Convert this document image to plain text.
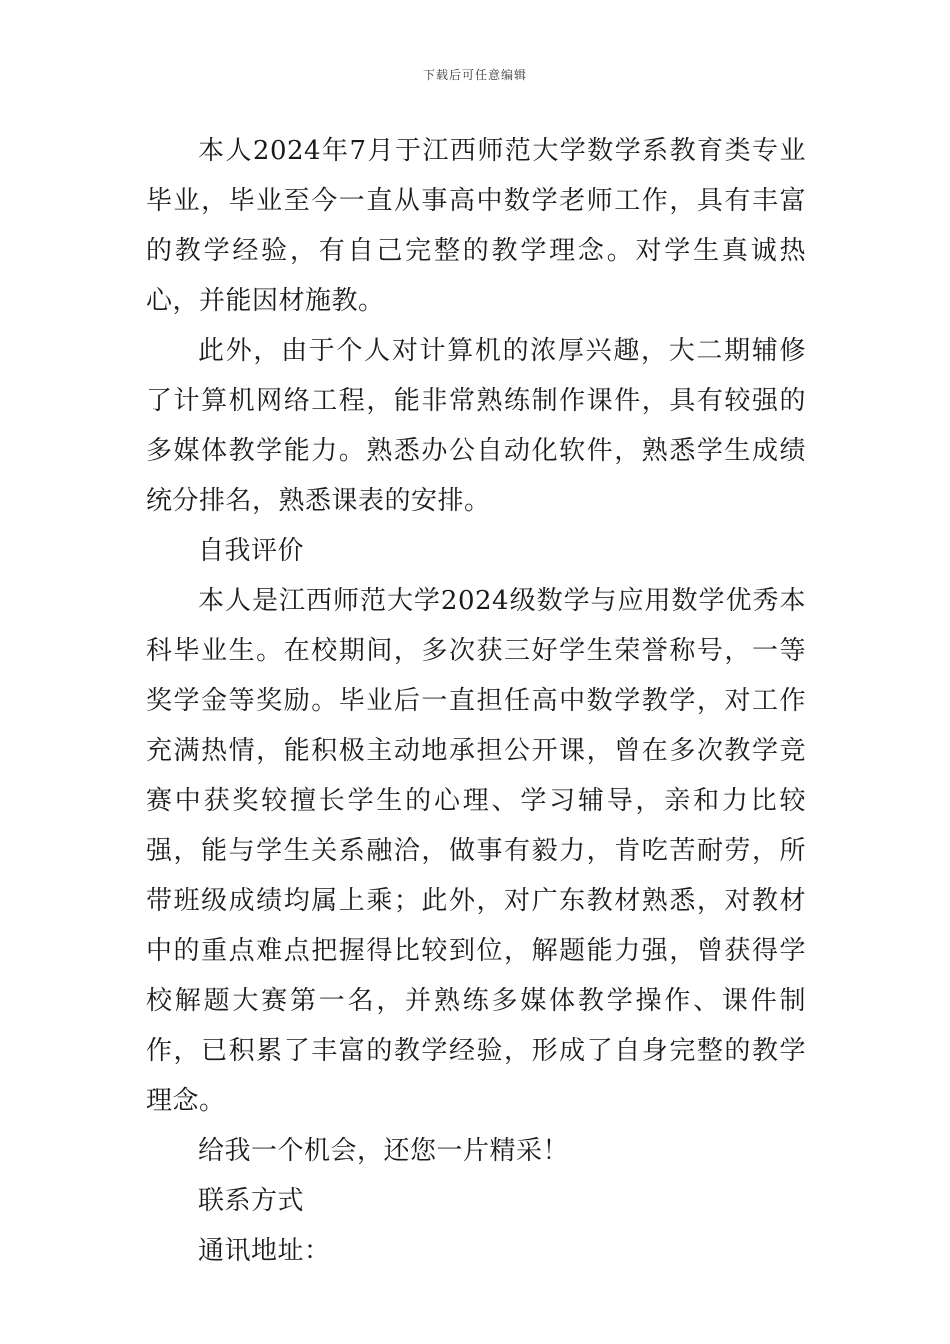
下载后可任意编辑

本人2024年7月于江西师范大学数学系教育类专业毕业，毕业至今一直从事高中数学老师工作，具有丰富的教学经验，有自己完整的教学理念。对学生真诚热心，并能因材施教。

此外，由于个人对计算机的浓厚兴趣，大二期辅修了计算机网络工程，能非常熟练制作课件，具有较强的多媒体教学能力。熟悉办公自动化软件，熟悉学生成绩统分排名，熟悉课表的安排。

自我评价

本人是江西师范大学2024级数学与应用数学优秀本科毕业生。在校期间，多次获三好学生荣誉称号，一等奖学金等奖励。毕业后一直担任高中数学教学，对工作充满热情，能积极主动地承担公开课，曾在多次教学竞赛中获奖较擅长学生的心理、学习辅导，亲和力比较强，能与学生关系融洽，做事有毅力，肯吃苦耐劳，所带班级成绩均属上乘；此外，对广东教材熟悉，对教材中的重点难点把握得比较到位，解题能力强，曾获得学校解题大赛第一名，并熟练多媒体教学操作、课件制作，已积累了丰富的教学经验，形成了自身完整的教学理念。

给我一个机会，还您一片精采！

联系方式

通讯地址：
